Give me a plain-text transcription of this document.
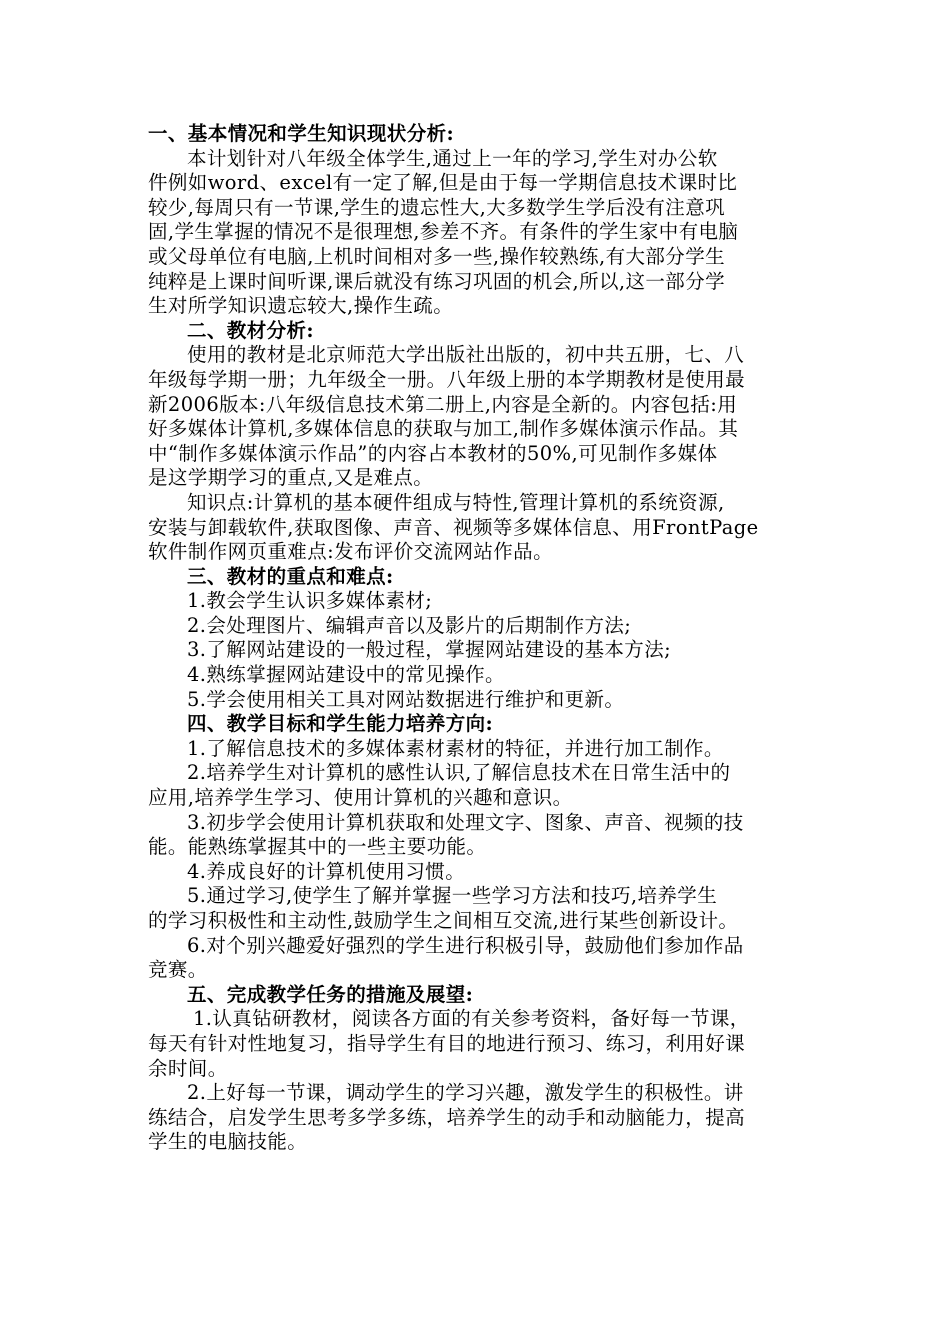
一、基本情况和学生知识现状分析:
本计划针对八年级全体学生,通过上一年的学习,学生对办公软
件例如word、excel有一定了解,但是由于每一学期信息技术课时比
较少,每周只有一节课,学生的遗忘性大,大多数学生学后没有注意巩
固,学生掌握的情况不是很理想,参差不齐。有条件的学生家中有电脑
或父母单位有电脑,上机时间相对多一些,操作较熟练,有大部分学生
纯粹是上课时间听课,课后就没有练习巩固的机会,所以,这一部分学
生对所学知识遗忘较大,操作生疏。
二、教材分析:
使用的教材是北京师范大学出版社出版的，初中共五册，七、八
年级每学期一册；九年级全一册。八年级上册的本学期教材是使用最
新2006版本:八年级信息技术第二册上,内容是全新的。内容包括:用
好多媒体计算机,多媒体信息的获取与加工,制作多媒体演示作品。其
中“制作多媒体演示作品”的内容占本教材的50%,可见制作多媒体
是这学期学习的重点,又是难点。
知识点:计算机的基本硬件组成与特性,管理计算机的系统资源,
安装与卸载软件,获取图像、声音、视频等多媒体信息、用FrontPage
软件制作网页重难点:发布评价交流网站作品。
三、教材的重点和难点:
1.教会学生认识多媒体素材;
2.会处理图片、编辑声音以及影片的后期制作方法;
3.了解网站建设的一般过程，掌握网站建设的基本方法;
4.熟练掌握网站建设中的常见操作。
5.学会使用相关工具对网站数据进行维护和更新。
四、教学目标和学生能力培养方向:
1.了解信息技术的多媒体素材素材的特征，并进行加工制作。
2.培养学生对计算机的感性认识,了解信息技术在日常生活中的
应用,培养学生学习、使用计算机的兴趣和意识。
3.初步学会使用计算机获取和处理文字、图象、声音、视频的技
能。能熟练掌握其中的一些主要功能。
4.养成良好的计算机使用习惯。
5.通过学习,使学生了解并掌握一些学习方法和技巧,培养学生
的学习积极性和主动性,鼓励学生之间相互交流,进行某些创新设计。
6.对个别兴趣爱好强烈的学生进行积极引导，鼓励他们参加作品
竞赛。
五、完成教学任务的措施及展望:
1.认真钻研教材，阅读各方面的有关参考资料，备好每一节课，
每天有针对性地复习，指导学生有目的地进行预习、练习，利用好课
余时间。
2.上好每一节课，调动学生的学习兴趣，激发学生的积极性。讲
练结合，启发学生思考多学多练，培养学生的动手和动脑能力，提高
学生的电脑技能。
